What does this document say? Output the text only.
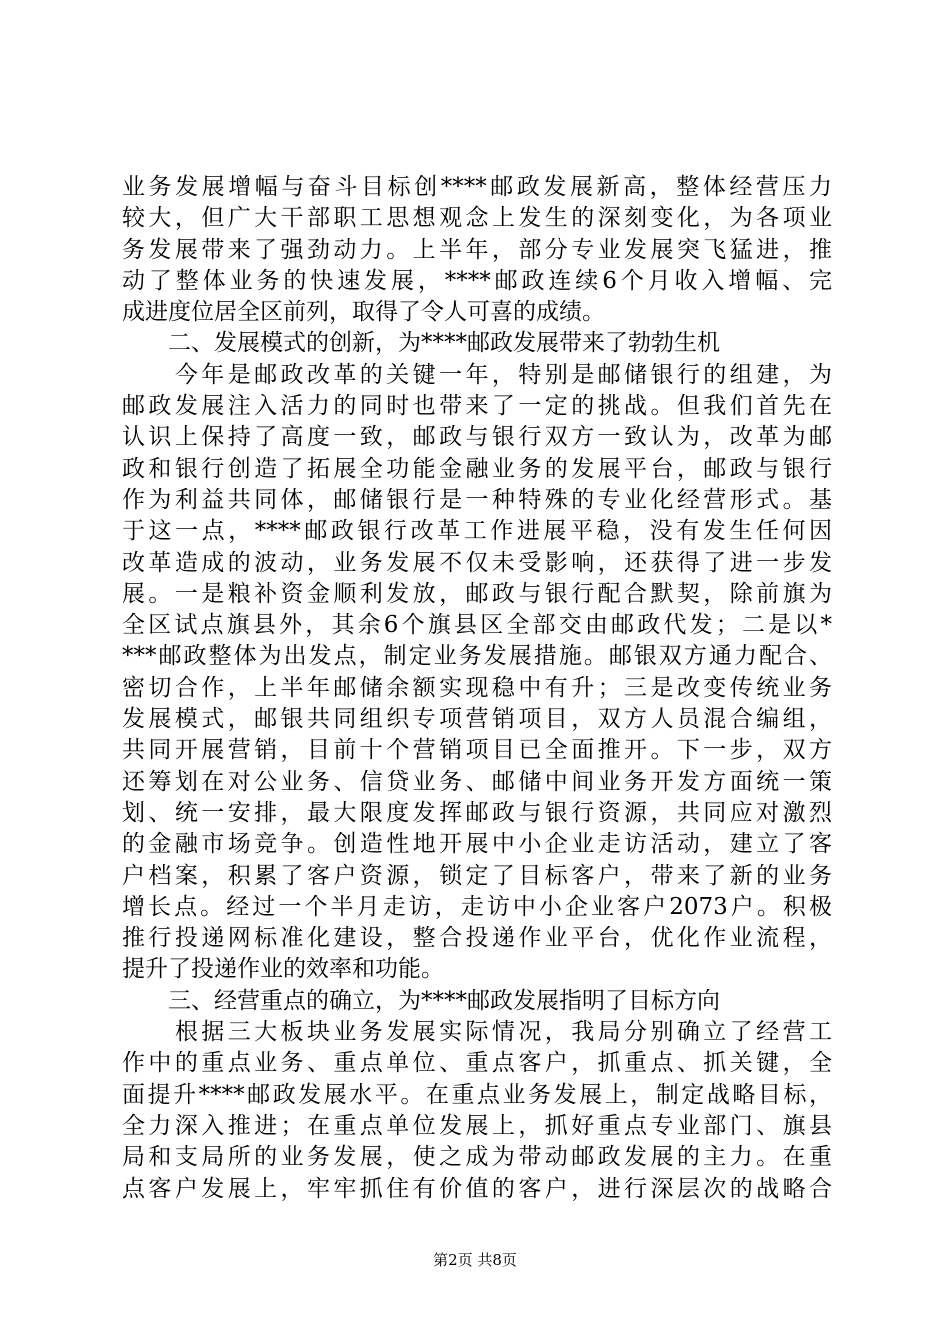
业务发展增幅与奋斗目标创****邮政发展新高，整体经营压力
较大，但广大干部职工思想观念上发生的深刻变化，为各项业
务发展带来了强劲动力。上半年，部分专业发展突飞猛进，推
动了整体业务的快速发展，****邮政连续6个月收入增幅、完
成进度位居全区前列，取得了令人可喜的成绩。
　　二、发展模式的创新，为****邮政发展带来了勃勃生机
　　今年是邮政改革的关键一年，特别是邮储银行的组建，为
邮政发展注入活力的同时也带来了一定的挑战。但我们首先在
认识上保持了高度一致，邮政与银行双方一致认为，改革为邮
政和银行创造了拓展全功能金融业务的发展平台，邮政与银行
作为利益共同体，邮储银行是一种特殊的专业化经营形式。基
于这一点，****邮政银行改革工作进展平稳，没有发生任何因
改革造成的波动，业务发展不仅未受影响，还获得了进一步发
展。一是粮补资金顺利发放，邮政与银行配合默契，除前旗为
全区试点旗县外，其余6个旗县区全部交由邮政代发；二是以*
***邮政整体为出发点，制定业务发展措施。邮银双方通力配合、
密切合作，上半年邮储余额实现稳中有升；三是改变传统业务
发展模式，邮银共同组织专项营销项目，双方人员混合编组，
共同开展营销，目前十个营销项目已全面推开。下一步，双方
还筹划在对公业务、信贷业务、邮储中间业务开发方面统一策
划、统一安排，最大限度发挥邮政与银行资源，共同应对激烈
的金融市场竞争。创造性地开展中小企业走访活动，建立了客
户档案，积累了客户资源，锁定了目标客户，带来了新的业务
增长点。经过一个半月走访，走访中小企业客户2073户。积极
推行投递网标准化建设，整合投递作业平台，优化作业流程，
提升了投递作业的效率和功能。
　　三、经营重点的确立，为****邮政发展指明了目标方向
　　根据三大板块业务发展实际情况，我局分别确立了经营工
作中的重点业务、重点单位、重点客户，抓重点、抓关键，全
面提升****邮政发展水平。在重点业务发展上，制定战略目标，
全力深入推进；在重点单位发展上，抓好重点专业部门、旗县
局和支局所的业务发展，使之成为带动邮政发展的主力。在重
点客户发展上，牢牢抓住有价值的客户，进行深层次的战略合
第2页 共8页
